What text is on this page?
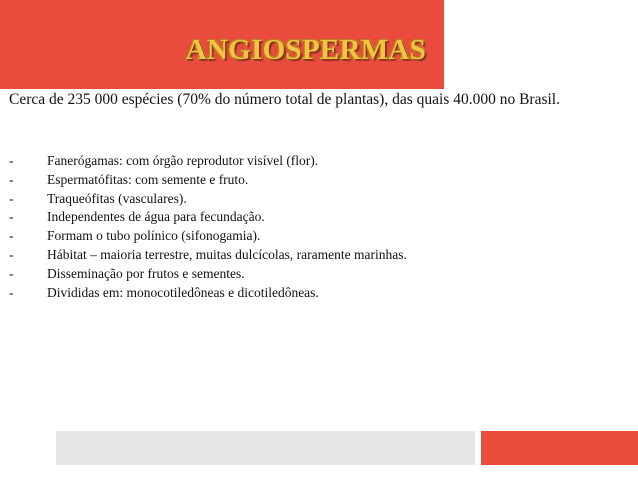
ANGIOSPERMAS

Cerca de 235 000 espécies (70% do número total de plantas), das quais 40.000 no Brasil.

-	Fanerógamas: com órgão reprodutor visível (flor).
-	Espermatófitas: com semente e fruto.
-	Traqueófitas (vasculares).
-	Independentes de água para fecundação.
-	Formam o tubo polínico (sifonogamia).
-	Hábitat – maioria terrestre, muitas dulcícolas, raramente marinhas.
-	Disseminação por frutos e sementes.
-	Divididas em: monocotiledôneas e dicotiledôneas.
